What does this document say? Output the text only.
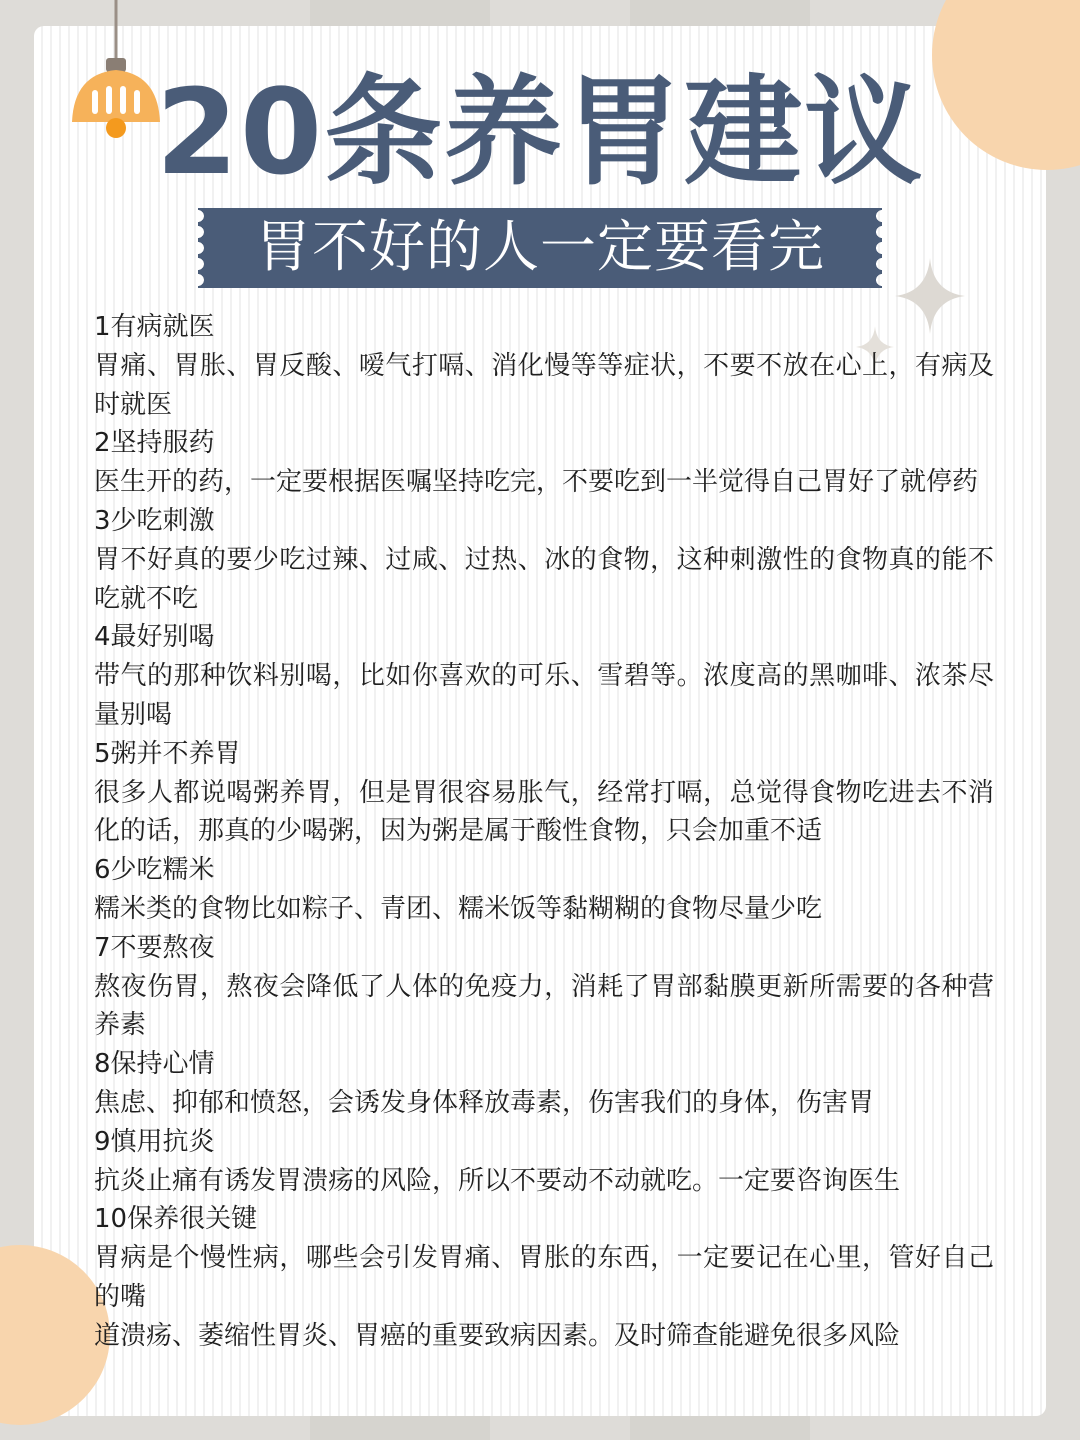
20条养胃建议
胃不好的人一定要看完

1有病就医

胃痛、胃胀、胃反酸、嗳气打嗝、消化慢等等症状，不要不放在心上，有病及时就医

2坚持服药

医生开的药，一定要根据医嘱坚持吃完，不要吃到一半觉得自己胃好了就停药

3少吃刺激

胃不好真的要少吃过辣、过咸、过热、冰的食物，这种刺激性的食物真的能不吃就不吃

4最好别喝

带气的那种饮料别喝，比如你喜欢的可乐、雪碧等。浓度高的黑咖啡、浓茶尽量别喝

5粥并不养胃

很多人都说喝粥养胃，但是胃很容易胀气，经常打嗝，总觉得食物吃进去不消化的话，那真的少喝粥，因为粥是属于酸性食物，只会加重不适

6少吃糯米

糯米类的食物比如粽子、青团、糯米饭等黏糊糊的食物尽量少吃

7不要熬夜

熬夜伤胃，熬夜会降低了人体的免疫力，消耗了胃部黏膜更新所需要的各种营养素

8保持心情

焦虑、抑郁和愤怒，会诱发身体释放毒素，伤害我们的身体，伤害胃

9慎用抗炎

抗炎止痛有诱发胃溃疡的风险，所以不要动不动就吃。一定要咨询医生

10保养很关键

胃病是个慢性病，哪些会引发胃痛、胃胀的东西，一定要记在心里，管好自己的嘴

道溃疡、萎缩性胃炎、胃癌的重要致病因素。及时筛查能避免很多风险
